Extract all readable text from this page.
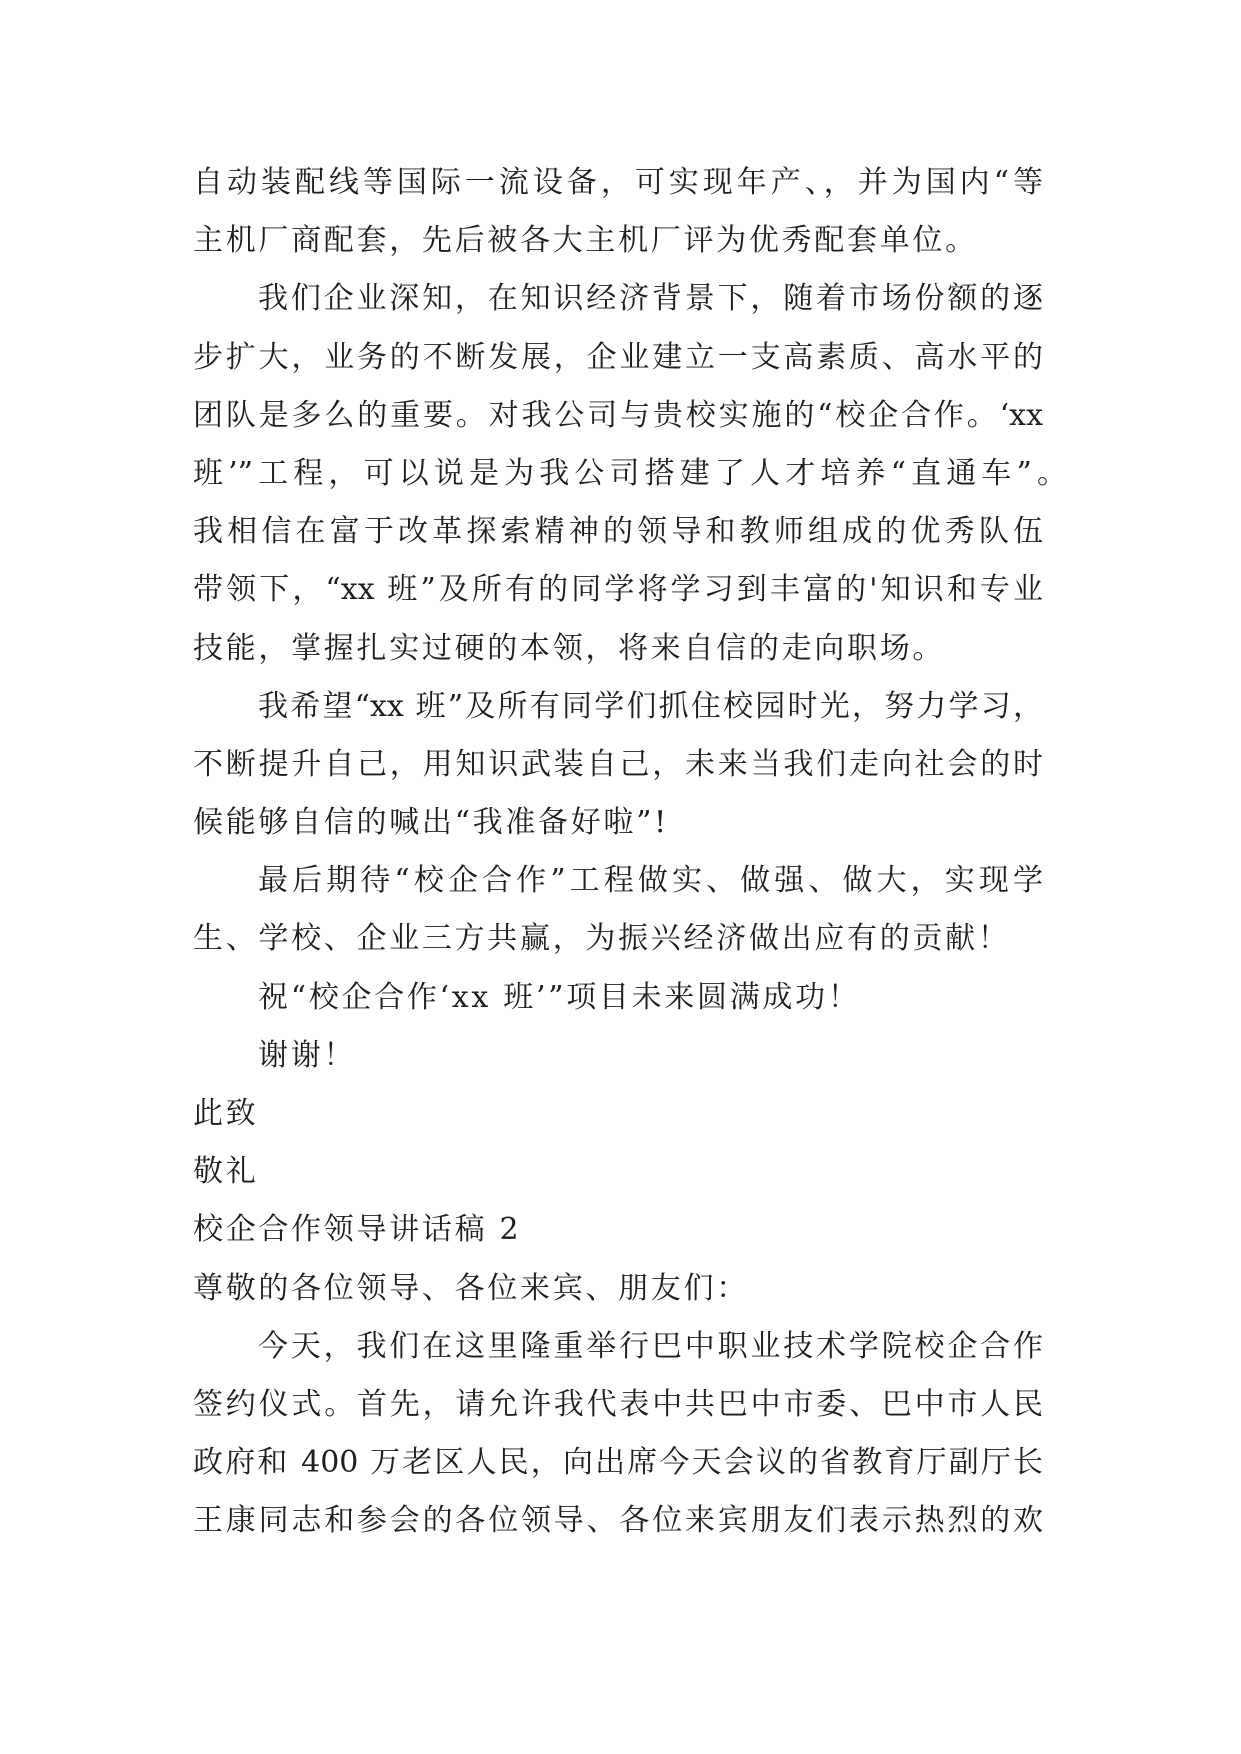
自动装配线等国际一流设备，可实现年产、，并为国内“等
主机厂商配套，先后被各大主机厂评为优秀配套单位。
我们企业深知，在知识经济背景下，随着市场份额的逐
步扩大，业务的不断发展，企业建立一支高素质、高水平的
团队是多么的重要。对我公司与贵校实施的“校企合作。‘xx
班’”工程，可以说是为我公司搭建了人才培养“直通车”。
我相信在富于改革探索精神的领导和教师组成的优秀队伍
带领下，“xx 班”及所有的同学将学习到丰富的'知识和专业
技能，掌握扎实过硬的本领，将来自信的走向职场。
我希望“xx 班”及所有同学们抓住校园时光，努力学习，
不断提升自己，用知识武装自己，未来当我们走向社会的时
候能够自信的喊出“我准备好啦”!
最后期待“校企合作”工程做实、做强、做大，实现学
生、学校、企业三方共赢，为振兴经济做出应有的贡献！
祝“校企合作‘xx 班’”项目未来圆满成功！
谢谢！
此致
敬礼
校企合作领导讲话稿 2
尊敬的各位领导、各位来宾、朋友们：
今天，我们在这里隆重举行巴中职业技术学院校企合作
签约仪式。首先，请允许我代表中共巴中市委、巴中市人民
政府和 400 万老区人民，向出席今天会议的省教育厅副厅长
王康同志和参会的各位领导、各位来宾朋友们表示热烈的欢
